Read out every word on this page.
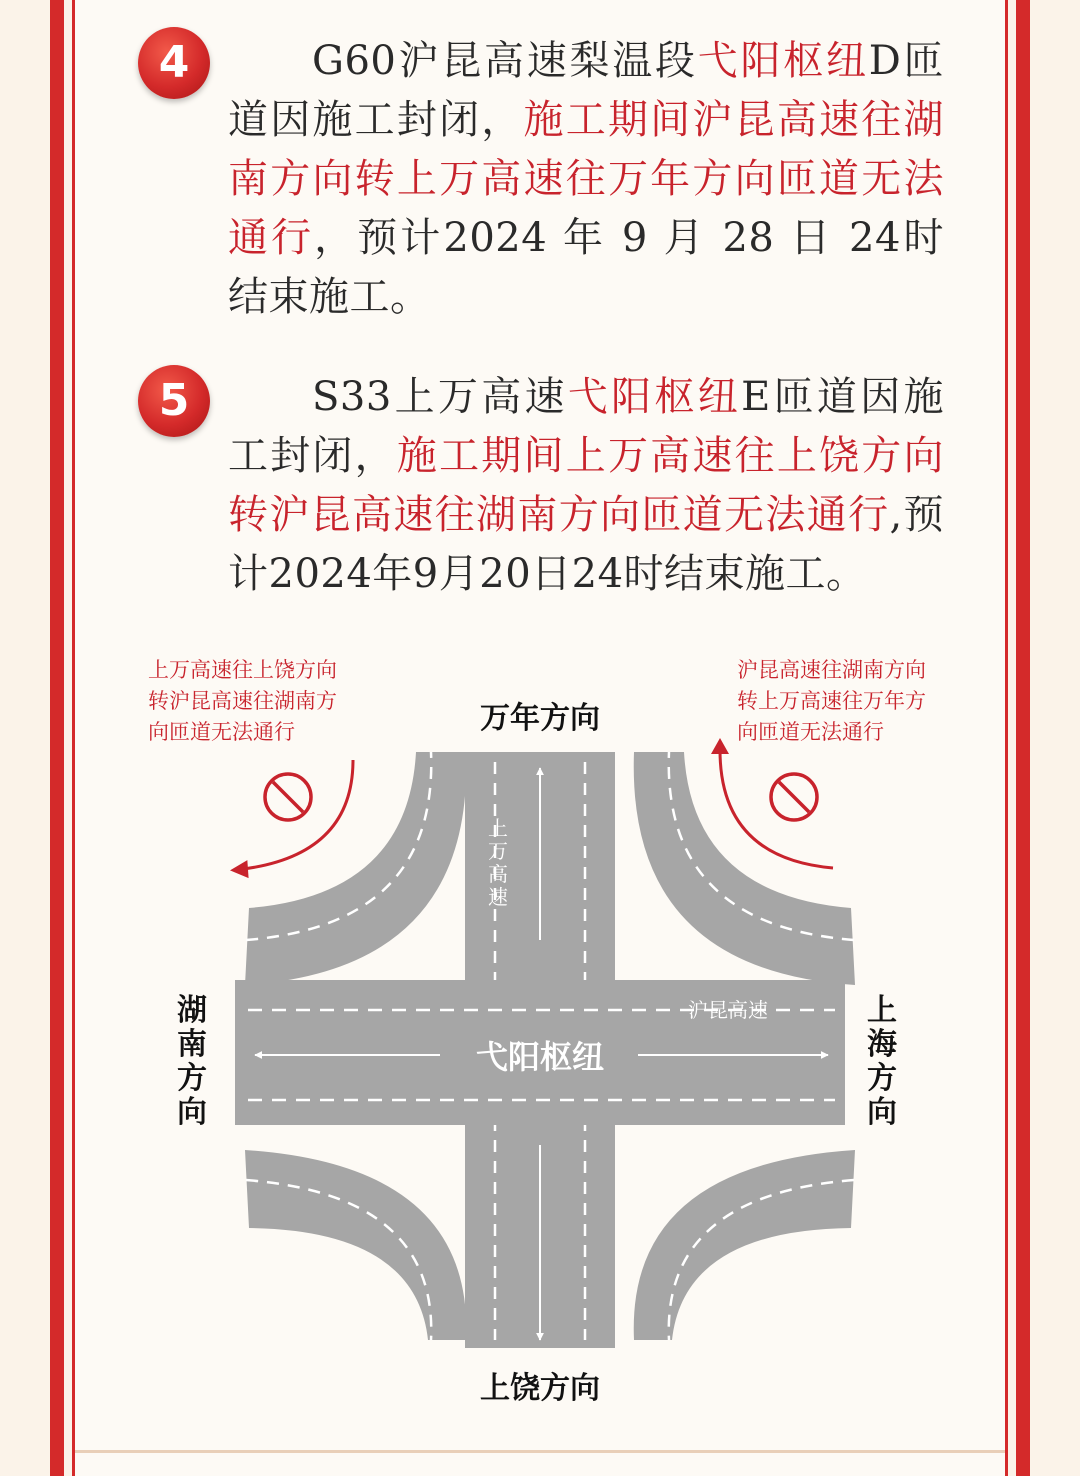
4	G60沪昆高速梨温段弋阳枢纽D匝道因施工封闭，施工期间沪昆高速往湖南方向转上万高速往万年方向匝道无法通行，预计2024 年 9 月 28 日 24时结束施工。

5	S33上万高速弋阳枢纽E匝道因施工封闭，施工期间上万高速往上饶方向转沪昆高速往湖南方向匝道无法通行,预计2024年9月20日24时结束施工。

上
万
高
速
沪昆高速
弋阳枢纽
万年方向
上饶方向
湖
南
方
向
上
海
方
向
上万高速往上饶方向
转沪昆高速往湖南方
向匝道无法通行
沪昆高速往湖南方向
转上万高速往万年方
向匝道无法通行
